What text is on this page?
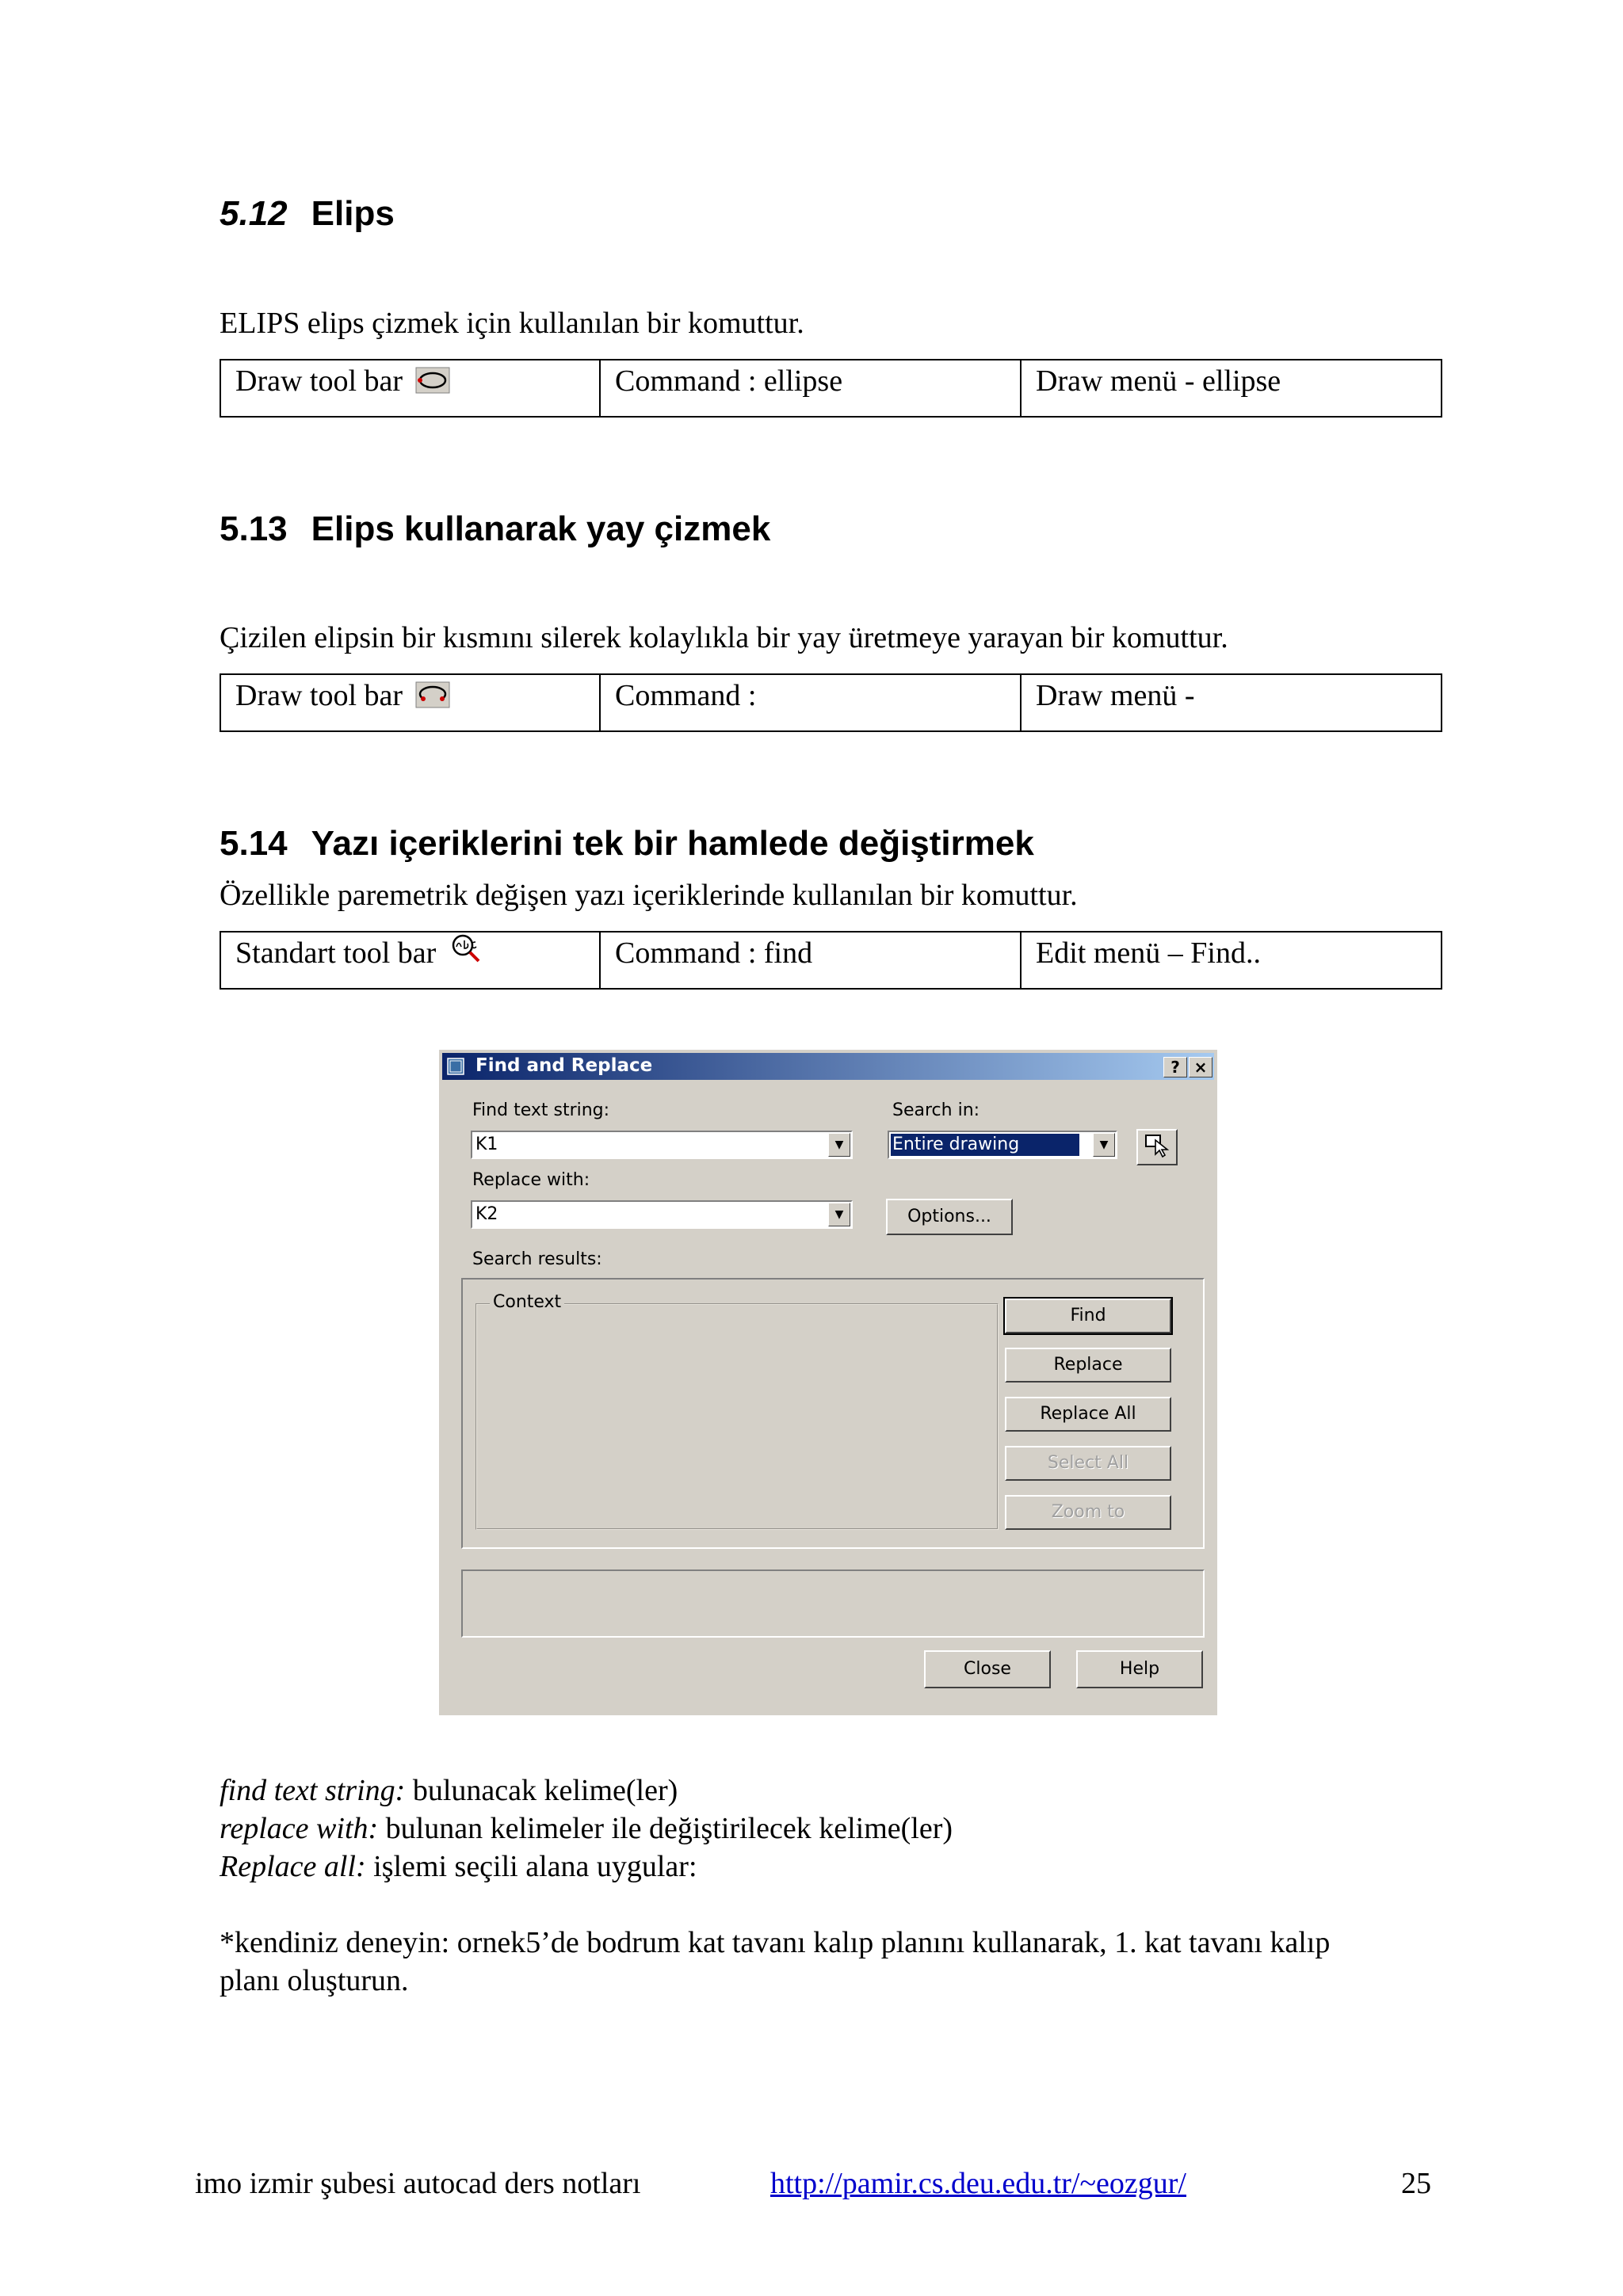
5.12 Elips
ELIPS elips çizmek için kullanılan bir komuttur.
Draw tool bar	Command : ellipse	Draw menü - ellipse
5.13 Elips kullanarak yay çizmek
Çizilen elipsin bir kısmını silerek kolaylıkla bir yay üretmeye yarayan bir komuttur.
Draw tool bar	Command :	Draw menü -
5.14 Yazı içeriklerini tek bir hamlede değiştirmek
Özellikle paremetrik değişen yazı içeriklerinde kullanılan bir komuttur.
Standart tool bar	Command : find	Edit menü – Find..
Find and Replace	? ×
Find text string:
K1	▼
Replace with:
K2	▼
Search in:
Entire drawing	▼
Options...
Search results:
Context
Find
Replace
Replace All
Select All
Zoom to
Close	Help
find text string: bulunacak kelime(ler)
replace with: bulunan kelimeler ile değiştirilecek kelime(ler)
Replace all: işlemi seçili alana uygular:
*kendiniz deneyin: ornek5’de bodrum kat tavanı kalıp planını kullanarak, 1. kat tavanı kalıp
planı oluşturun.
imo izmir şubesi autocad ders notları	http://pamir.cs.deu.edu.tr/~eozgur/	25
